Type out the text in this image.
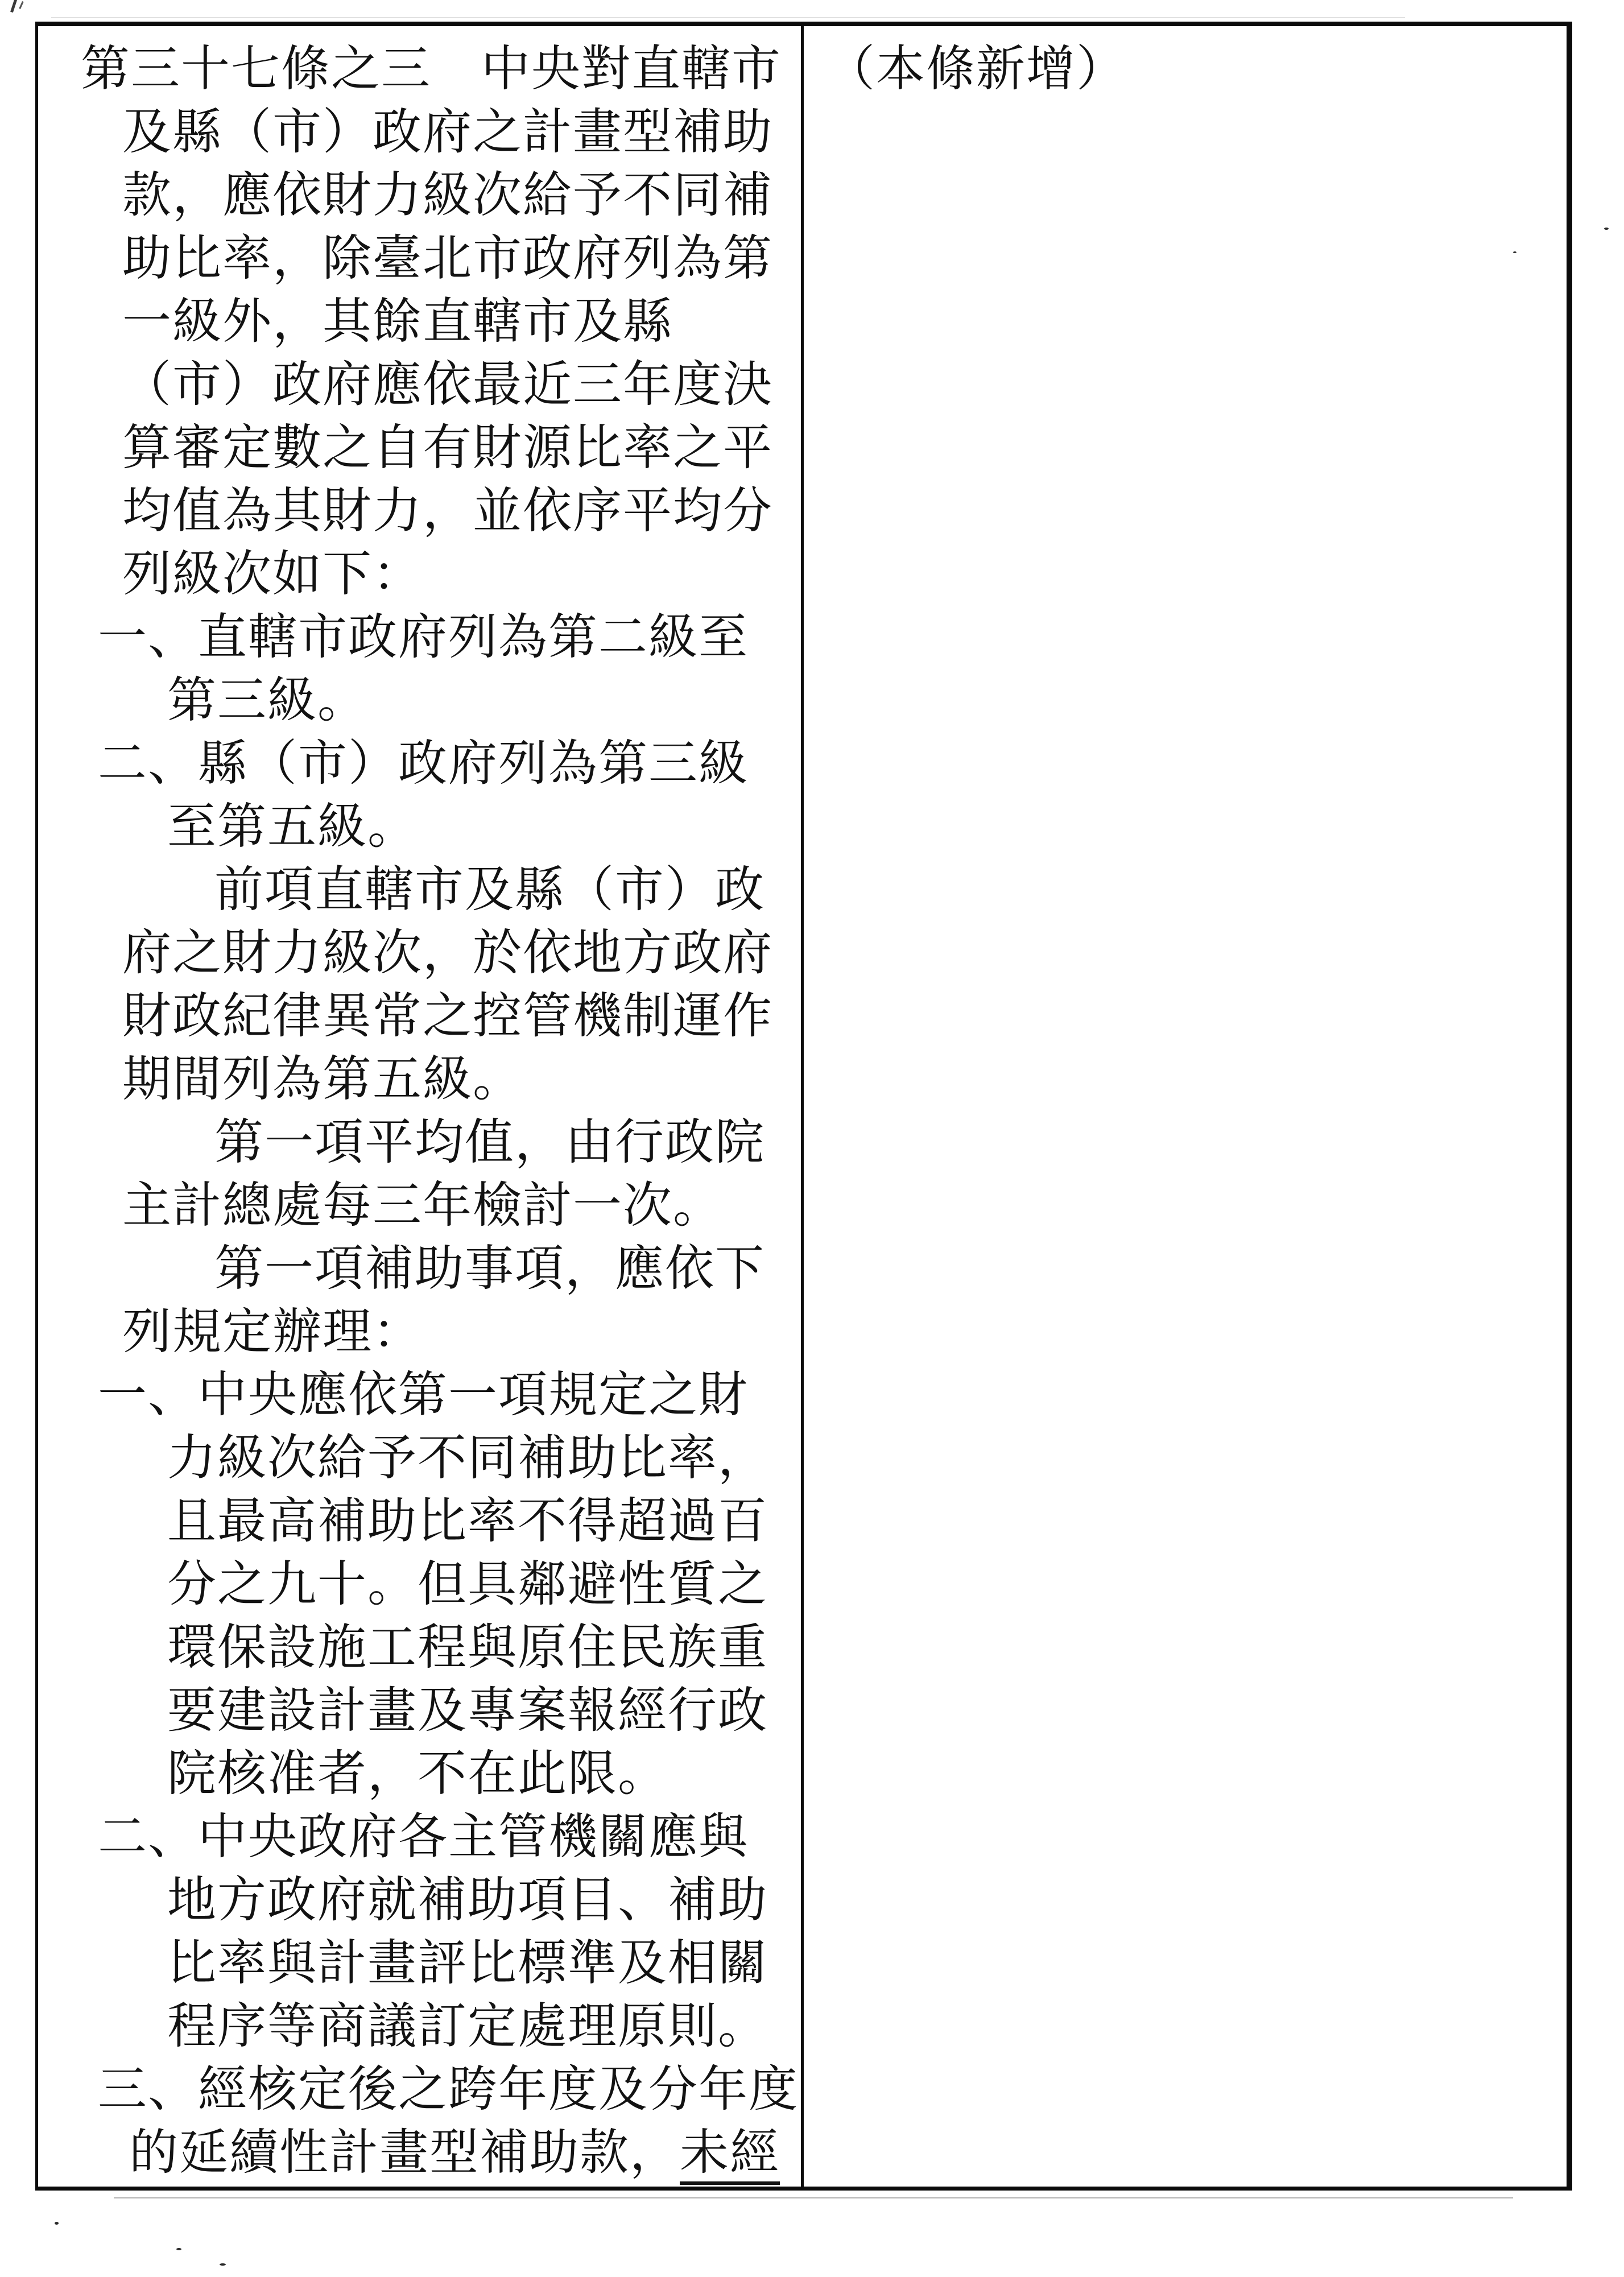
第三十七條之三　中央對直轄市
及縣（市）政府之計畫型補助
款，應依財力級次給予不同補
助比率，除臺北市政府列為第
一級外，其餘直轄市及縣
（市）政府應依最近三年度決
算審定數之自有財源比率之平
均值為其財力，並依序平均分
列級次如下：
一、直轄市政府列為第二級至
第三級。
二、縣（市）政府列為第三級
至第五級。
前項直轄市及縣（市）政
府之財力級次，於依地方政府
財政紀律異常之控管機制運作
期間列為第五級。
第一項平均值，由行政院
主計總處每三年檢討一次。
第一項補助事項，應依下
列規定辦理：
一、中央應依第一項規定之財
力級次給予不同補助比率，
且最高補助比率不得超過百
分之九十。但具鄰避性質之
環保設施工程與原住民族重
要建設計畫及專案報經行政
院核准者，不在此限。
二、中央政府各主管機關應與
地方政府就補助項目、補助
比率與計畫評比標準及相關
程序等商議訂定處理原則。
三、經核定後之跨年度及分年度
的延續性計畫型補助款，未經
（本條新增）
